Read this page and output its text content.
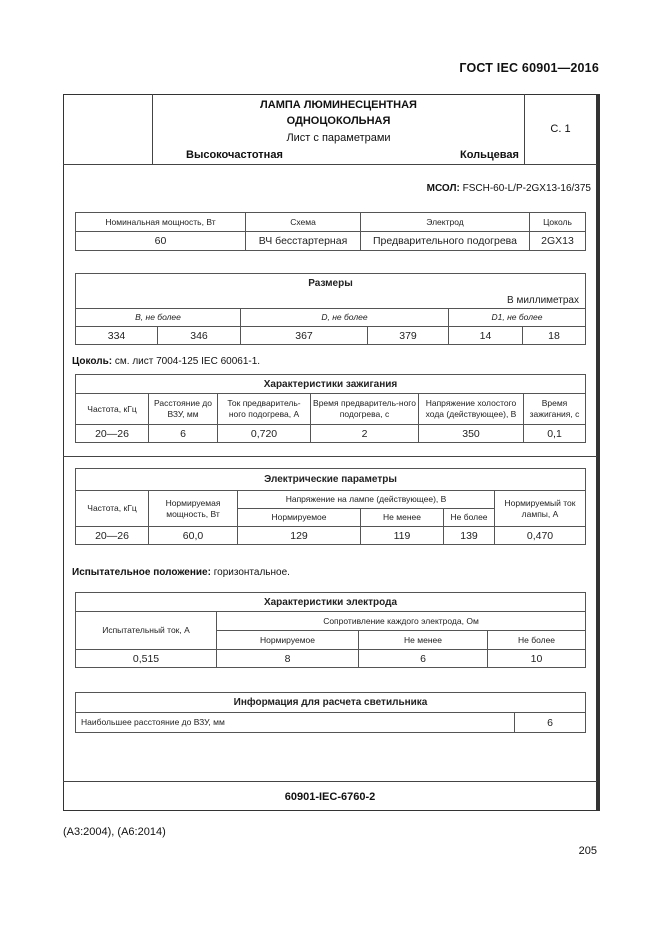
ГОСТ IEC 60901—2016
ЛАМПА ЛЮМИНЕСЦЕНТНАЯ
ОДНОЦОКОЛЬНАЯ
Лист с параметрами
Высокочастотная	Кольцевая
С. 1
МСОЛ: FSCH-60-L/P-2GX13-16/375
Номинальная мощность, Вт	Схема	Электрод	Цоколь
60	ВЧ бесстартерная	Предварительного подогрева	2GX13
Размеры					
В миллиметрах					
B, не более		D, не более		D1, не более	
334	346	367	379	14	18
Цоколь: см. лист 7004-125 IEC 60061-1.
Характеристики зажигания					
Частота, кГц	Расстояние до ВЗУ, мм	Ток предваритель-ного подогрева, А	Время предваритель-ного подогрева, с	Напряжение холостого хода (действующее), В	Время зажигания, с
20—26	6	0,720	2	350	0,1
Электрические параметры					
Частота, кГц	Нормируемая мощность, Вт	Напряжение на лампе (действующее), В			Нормируемый ток лампы, А
		Нормируемое	Не менее	Не более	
20—26	60,0	129	119	139	0,470
Испытательное положение: горизонтальное.
Характеристики электрода			
Испытательный ток, А	Сопротивление каждого электрода, Ом		
	Нормируемое	Не менее	Не более
0,515	8	6	10
Информация для расчета светильника
Наибольшее расстояние до ВЗУ, мм	6
60901-IEC-6760-2
(A3:2004), (A6:2014)
205
